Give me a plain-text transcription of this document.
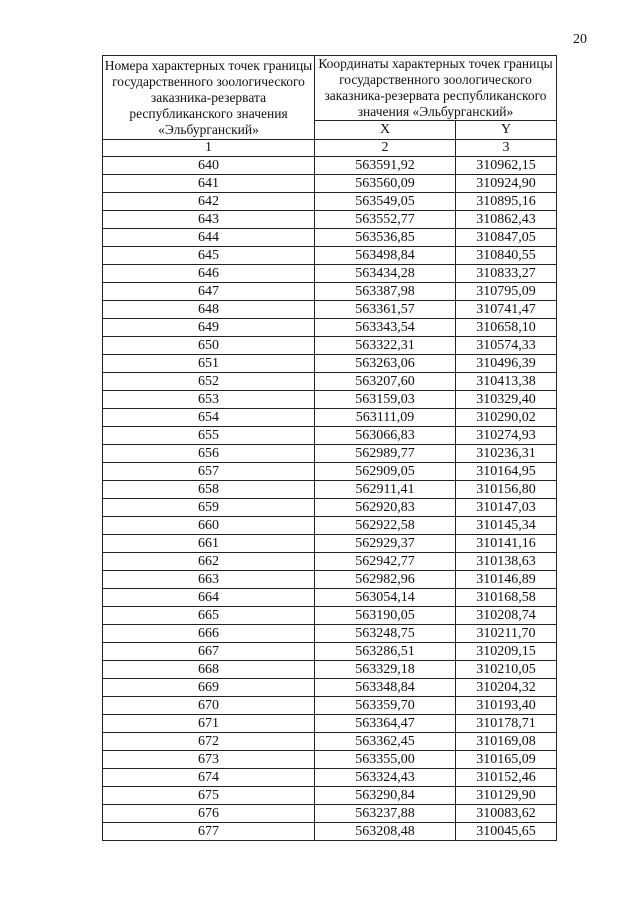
20
Номера характерных точек границы государственного зоологического заказника-резервата республиканского значения «Эльбурганский»	Координаты характерных точек границы государственного зоологического заказника-резервата республиканского значения «Эльбурганский»	
	X	Y
1	2	3
640	563591,92	310962,15
641	563560,09	310924,90
642	563549,05	310895,16
643	563552,77	310862,43
644	563536,85	310847,05
645	563498,84	310840,55
646	563434,28	310833,27
647	563387,98	310795,09
648	563361,57	310741,47
649	563343,54	310658,10
650	563322,31	310574,33
651	563263,06	310496,39
652	563207,60	310413,38
653	563159,03	310329,40
654	563111,09	310290,02
655	563066,83	310274,93
656	562989,77	310236,31
657	562909,05	310164,95
658	562911,41	310156,80
659	562920,83	310147,03
660	562922,58	310145,34
661	562929,37	310141,16
662	562942,77	310138,63
663	562982,96	310146,89
664	563054,14	310168,58
665	563190,05	310208,74
666	563248,75	310211,70
667	563286,51	310209,15
668	563329,18	310210,05
669	563348,84	310204,32
670	563359,70	310193,40
671	563364,47	310178,71
672	563362,45	310169,08
673	563355,00	310165,09
674	563324,43	310152,46
675	563290,84	310129,90
676	563237,88	310083,62
677	563208,48	310045,65
